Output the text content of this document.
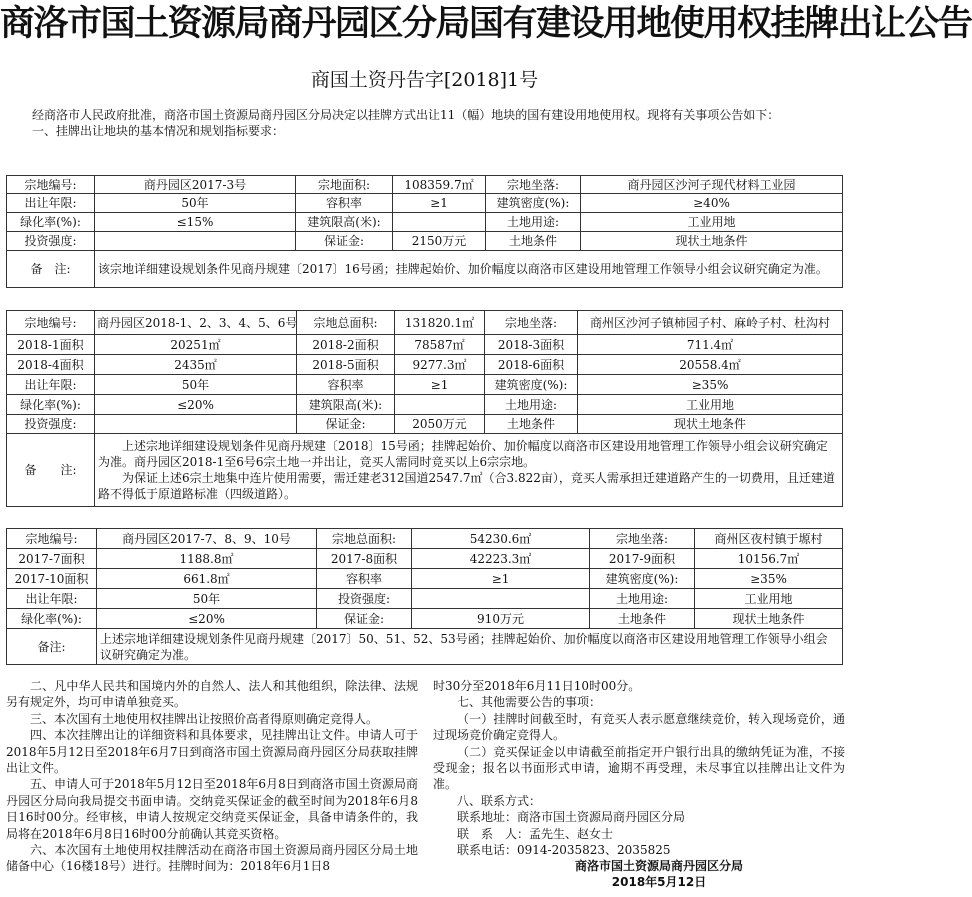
商洛市国土资源局商丹园区分局国有建设用地使用权挂牌出让公告
商国土资丹告字[2018]1号

经商洛市人民政府批准，商洛市国土资源局商丹园区分局决定以挂牌方式出让11（幅）地块的国有建设用地使用权。现将有关事项公告如下：

一、挂牌出让地块的基本情况和规划指标要求：

宗地编号:	商丹园区2017-3号	宗地面积:	108359.7㎡	宗地坐落:	商丹园区沙河子现代材料工业园
出让年限:	50年	容积率	≥1	建筑密度(%):	≥40%
绿化率(%):	≤15%	建筑限高(米):		土地用途:	工业用地
投资强度:		保证金:	2150万元	土地条件	现状土地条件
备　注:	该宗地详细建设规划条件见商丹规建〔2017〕16号函；挂牌起始价、加价幅度以商洛市区建设用地管理工作领导小组会议研究确定为准。				
宗地编号:	商丹园区2018-1、2、3、4、5、6号	宗地总面积:	131820.1㎡	宗地坐落:	商州区沙河子镇柿园子村、麻岭子村、杜沟村
2018-1面积	20251㎡	2018-2面积	78587㎡	2018-3面积	711.4㎡
2018-4面积	2435㎡	2018-5面积	9277.3㎡	2018-6面积	20558.4㎡
出让年限:	50年	容积率	≥1	建筑密度(%):	≥35%
绿化率(%):	≤20%	建筑限高(米):		土地用途:	工业用地
投资强度:		保证金:	2050万元	土地条件	现状土地条件
备　　注:	上述宗地详细建设规划条件见商丹规建〔2018〕15号函；挂牌起始价、加价幅度以商洛市区建设用地管理工作领导小组会议研究确定为准。商丹园区2018-1至6号6宗土地一并出让，竞买人需同时竞买以上6宗宗地。

为保证上述6宗土地集中连片使用需要，需迁建老312国道2547.7㎡（合3.822亩），竞买人需承担迁建道路产生的一切费用，且迁建道路不得低于原道路标准（四级道路）。				

宗地编号:	商丹园区2017-7、8、9、10号	宗地总面积:	54230.6㎡	宗地坐落:	商州区夜村镇于塬村
2017-7面积	1188.8㎡	2017-8面积	42223.3㎡	2017-9面积	10156.7㎡
2017-10面积	661.8㎡	容积率	≥1	建筑密度(%):	≥35%
出让年限:	50年	投资强度:		土地用途:	工业用地
绿化率(%):	≤20%	保证金:	910万元	土地条件	现状土地条件
备注:	上述宗地详细建设规划条件见商丹规建〔2017〕50、51、52、53号函；挂牌起始价、加价幅度以商洛市区建设用地管理工作领导小组会议研究确定为准。				

二、凡中华人民共和国境内外的自然人、法人和其他组织，除法律、法规另有规定外，均可申请单独竞买。

三、本次国有土地使用权挂牌出让按照价高者得原则确定竞得人。

四、本次挂牌出让的详细资料和具体要求，见挂牌出让文件。申请人可于2018年5月12日至2018年6月7日到商洛市国土资源局商丹园区分局获取挂牌出让文件。

五、申请人可于2018年5月12日至2018年6月8日到商洛市国土资源局商丹园区分局向我局提交书面申请。交纳竞买保证金的截至时间为2018年6月8日16时00分。经审核，申请人按规定交纳竞买保证金，具备申请条件的，我局将在2018年6月8日16时00分前确认其竞买资格。

六、本次国有土地使用权挂牌活动在商洛市国土资源局商丹园区分局土地储备中心（16楼18号）进行。挂牌时间为：2018年6月1日8

时30分至2018年6月11日10时00分。

七、其他需要公告的事项：

（一）挂牌时间截至时，有竞买人表示愿意继续竞价，转入现场竞价，通过现场竞价确定竞得人。

（二）竞买保证金以申请截至前指定开户银行出具的缴纳凭证为准，不接受现金；报名以书面形式申请，逾期不再受理，未尽事宜以挂牌出让文件为准。

八、联系方式：

联系地址：商洛市国土资源局商丹园区分局

联　系　人：孟先生、赵女士

联系电话：0914-2035823、2035825

商洛市国土资源局商丹园区分局
2018年5月12日
